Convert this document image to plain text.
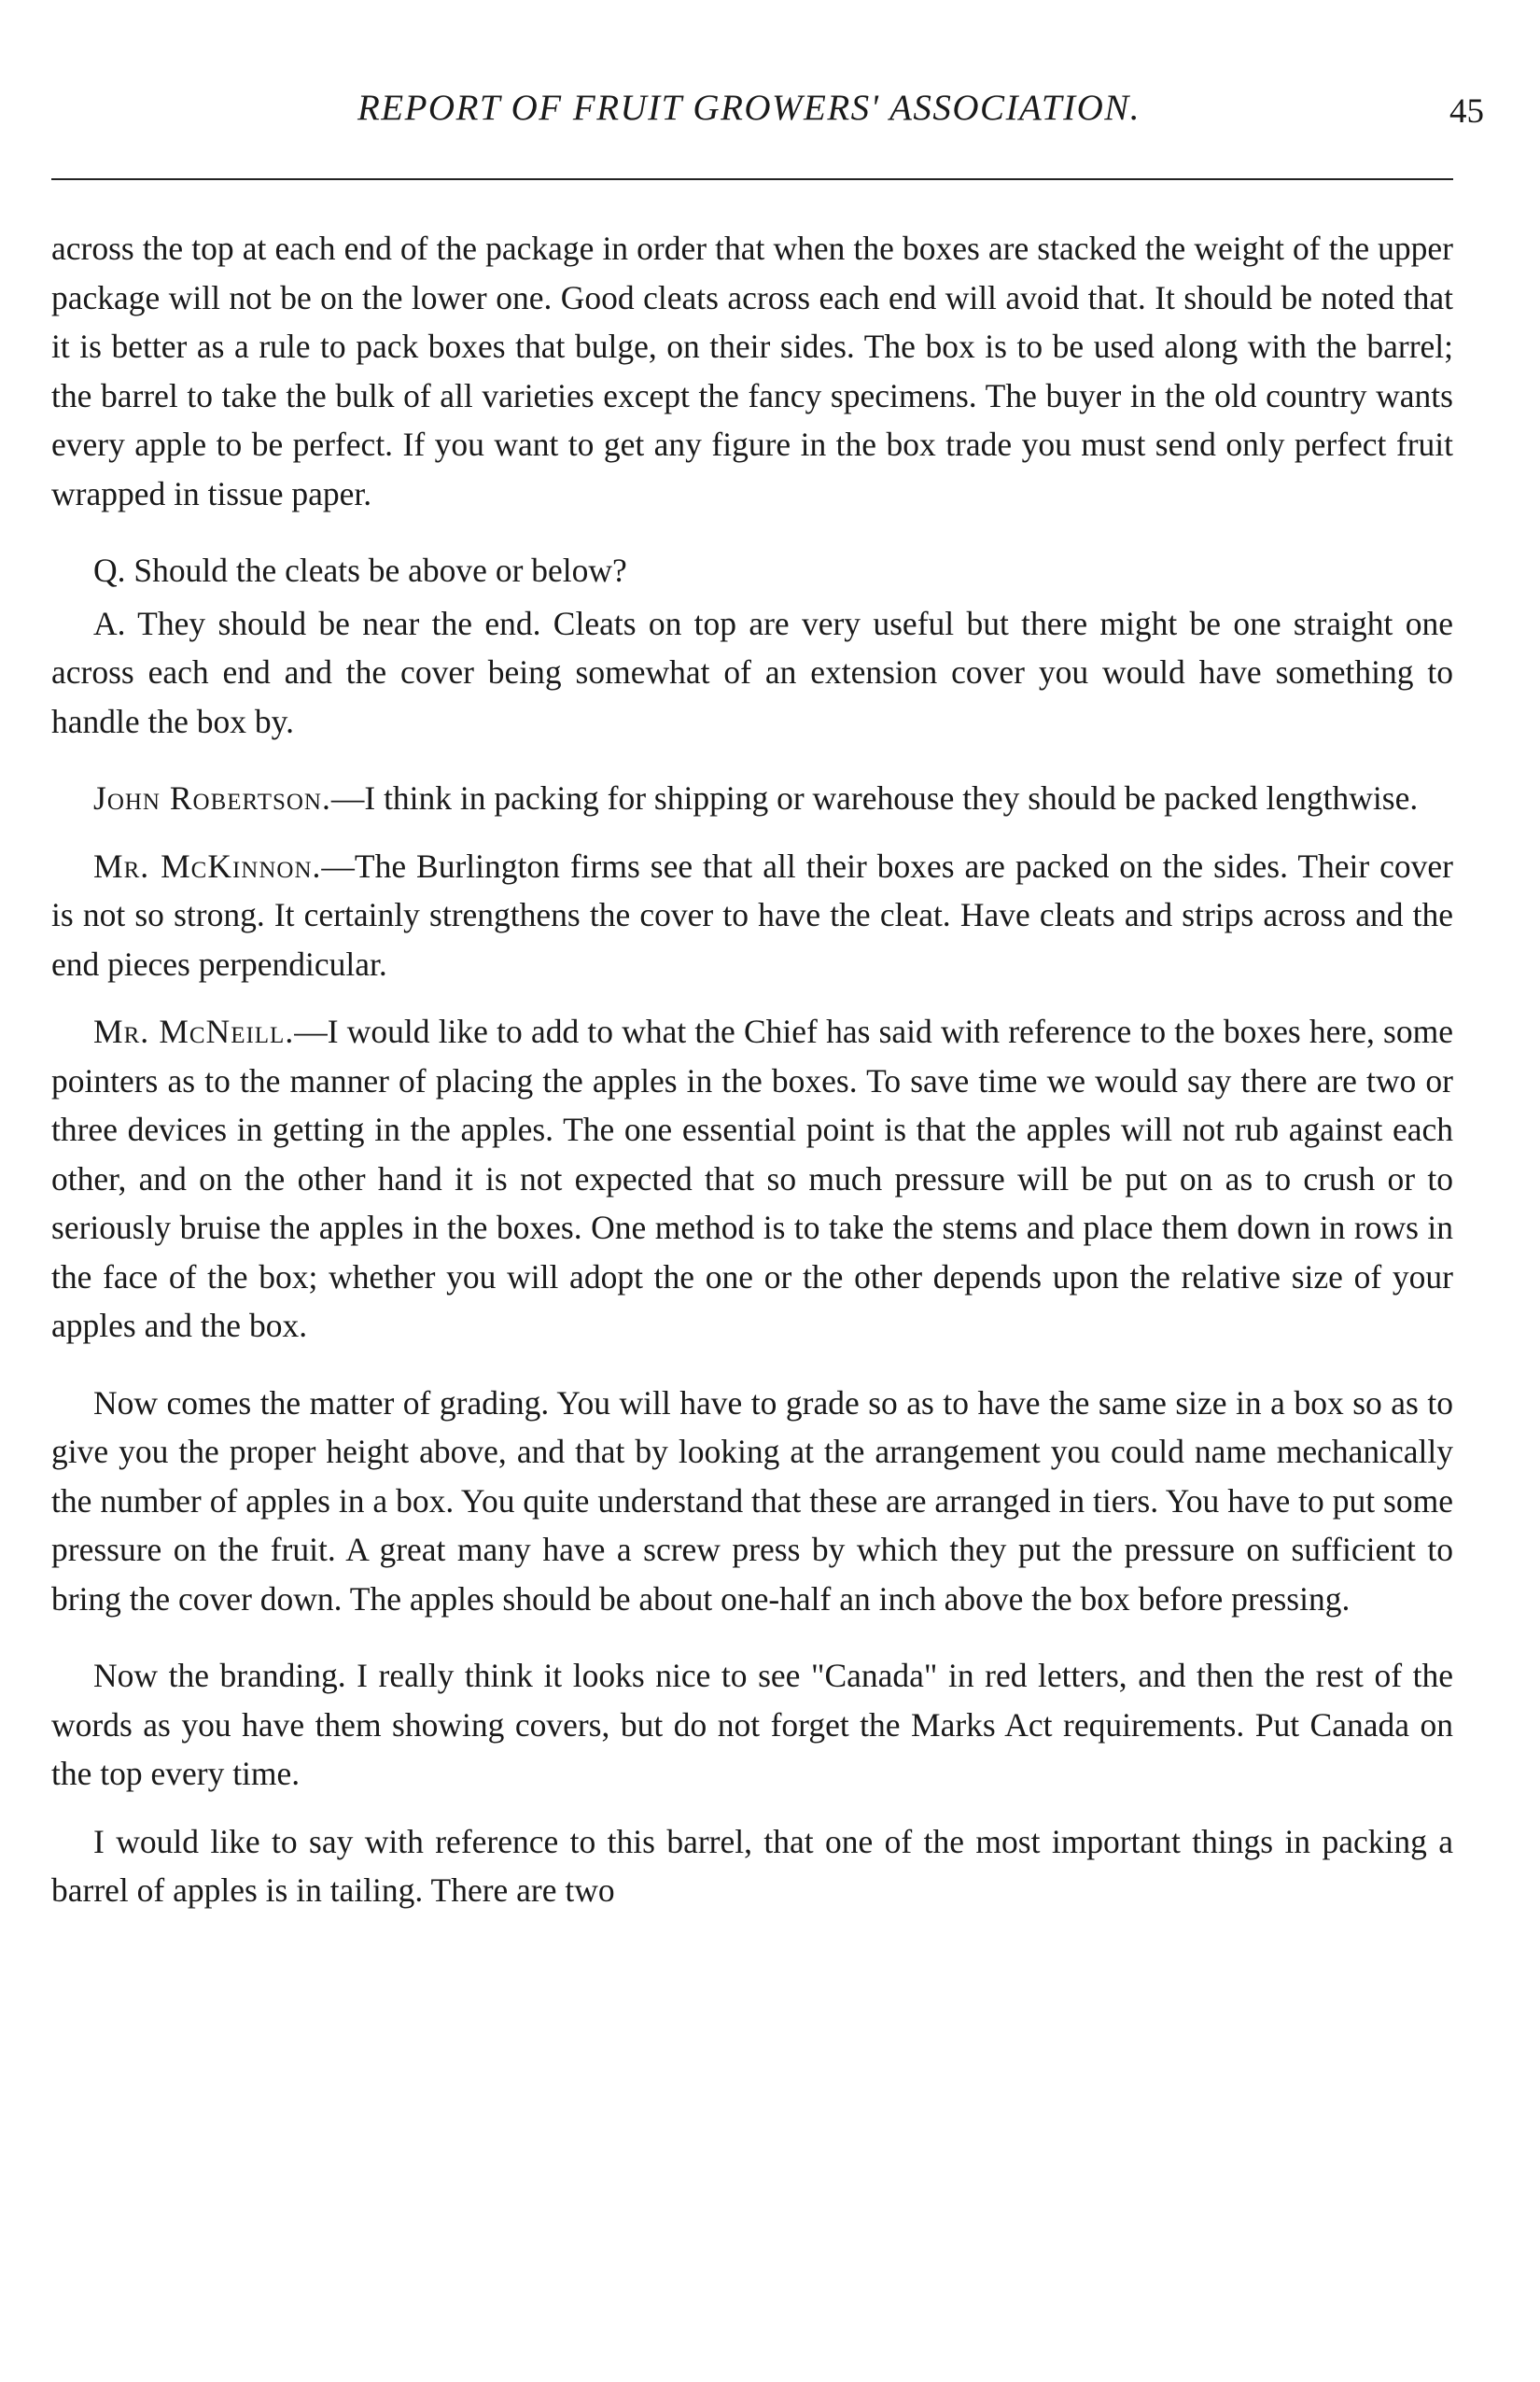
REPORT OF FRUIT GROWERS' ASSOCIATION.	45

across the top at each end of the package in order that when the boxes are stacked the weight of the upper package will not be on the lower one. Good cleats across each end will avoid that. It should be noted that it is better as a rule to pack boxes that bulge, on their sides. The box is to be used along with the barrel; the barrel to take the bulk of all varieties except the fancy specimens. The buyer in the old country wants every apple to be perfect. If you want to get any figure in the box trade you must send only perfect fruit wrapped in tissue paper.

Q. Should the cleats be above or below?

A. They should be near the end. Cleats on top are very useful but there might be one straight one across each end and the cover being somewhat of an extension cover you would have something to handle the box by.

John Robertson.—I think in packing for shipping or warehouse they should be packed lengthwise.

Mr. McKinnon.—The Burlington firms see that all their boxes are packed on the sides. Their cover is not so strong. It certainly strengthens the cover to have the cleat. Have cleats and strips across and the end pieces perpendicular.

Mr. McNeill.—I would like to add to what the Chief has said with reference to the boxes here, some pointers as to the manner of placing the apples in the boxes. To save time we would say there are two or three devices in getting in the apples. The one essential point is that the apples will not rub against each other, and on the other hand it is not expected that so much pressure will be put on as to crush or to seriously bruise the apples in the boxes. One method is to take the stems and place them down in rows in the face of the box; whether you will adopt the one or the other depends upon the relative size of your apples and the box.

Now comes the matter of grading. You will have to grade so as to have the same size in a box so as to give you the proper height above, and that by looking at the arrangement you could name mechanically the number of apples in a box. You quite understand that these are arranged in tiers. You have to put some pressure on the fruit. A great many have a screw press by which they put the pressure on sufficient to bring the cover down. The apples should be about one-half an inch above the box before pressing.

Now the branding. I really think it looks nice to see "Canada" in red letters, and then the rest of the words as you have them showing covers, but do not forget the Marks Act requirements. Put Canada on the top every time.

I would like to say with reference to this barrel, that one of the most important things in packing a barrel of apples is in tailing. There are two
